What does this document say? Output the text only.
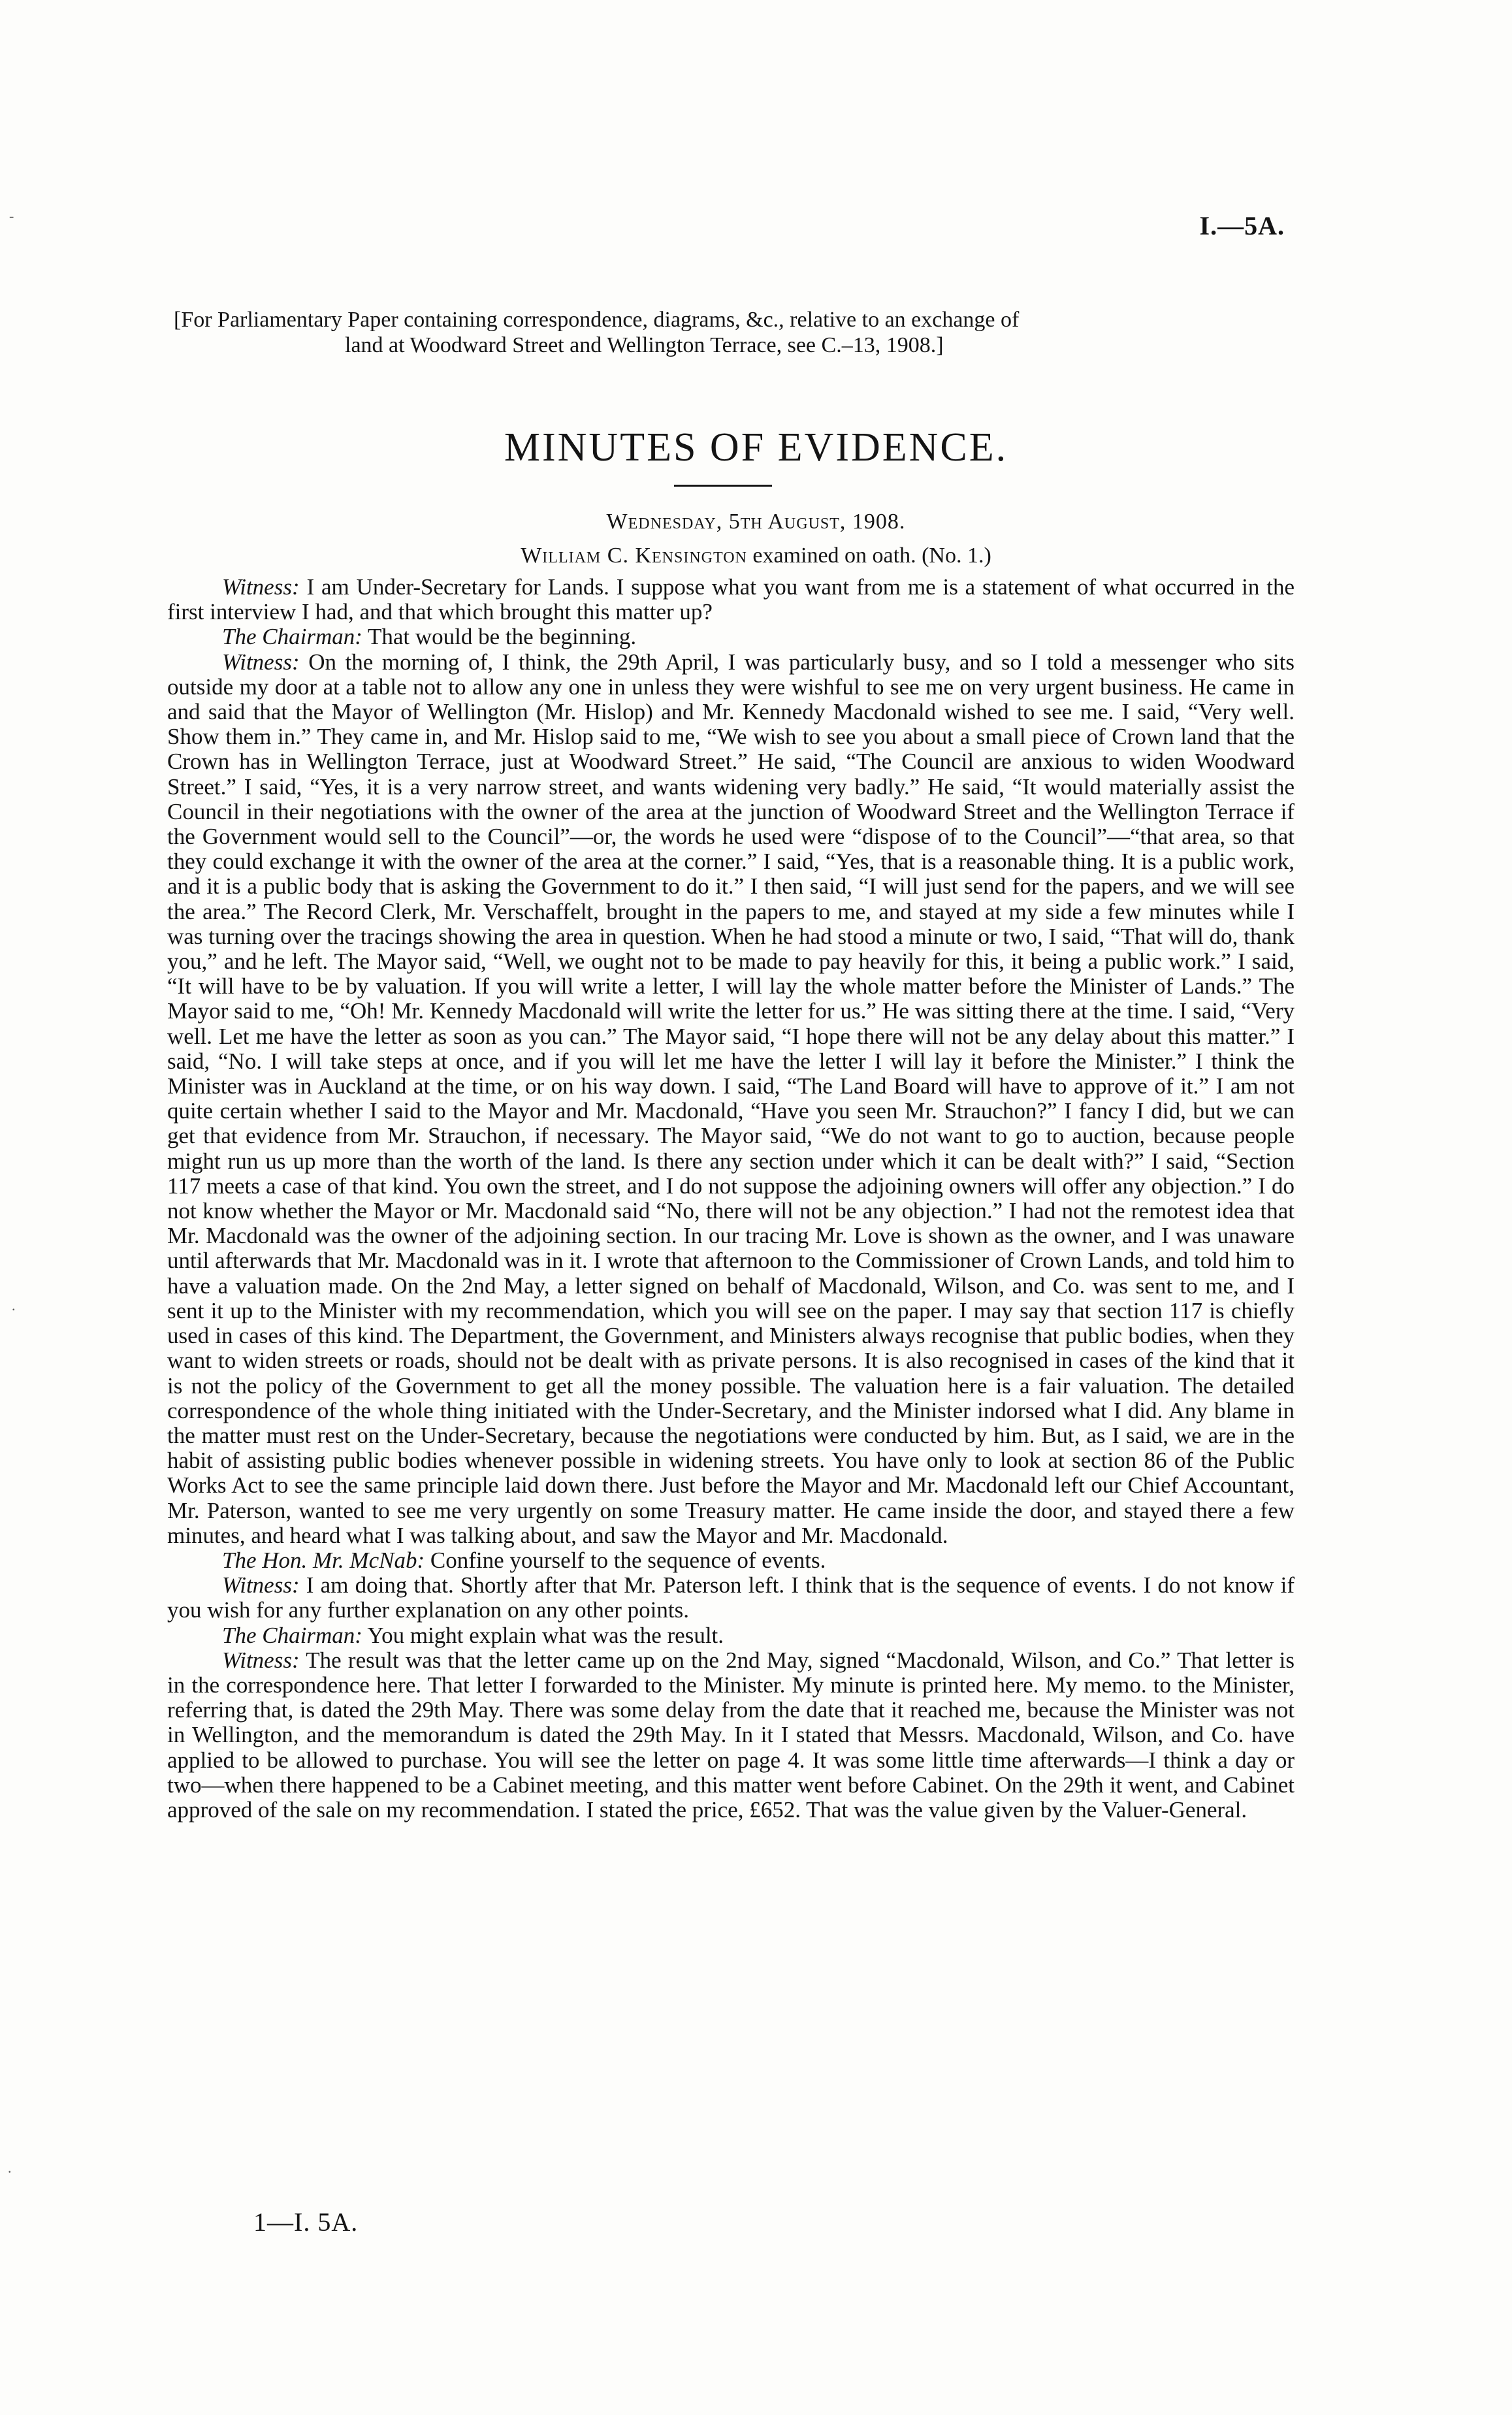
I.—5A.
[For Parliamentary Paper containing correspondence, diagrams, &c., relative to an exchange of
land at Woodward Street and Wellington Terrace, see C.–13, 1908.]
MINUTES OF EVIDENCE.
Wednesday, 5th August, 1908.
William C. Kensington examined on oath. (No. 1.)

Witness: I am Under-Secretary for Lands. I suppose what you want from me is a statement of what occurred in the first interview I had, and that which brought this matter up?

The Chairman: That would be the beginning.

Witness: On the morning of, I think, the 29th April, I was particularly busy, and so I told a messenger who sits outside my door at a table not to allow any one in unless they were wishful to see me on very urgent business. He came in and said that the Mayor of Wellington (Mr. Hislop) and Mr. Kennedy Macdonald wished to see me. I said, “Very well. Show them in.” They came in, and Mr. Hislop said to me, “We wish to see you about a small piece of Crown land that the Crown has in Wellington Terrace, just at Woodward Street.” He said, “The Council are anxious to widen Woodward Street.” I said, “Yes, it is a very narrow street, and wants widening very badly.” He said, “It would materially assist the Council in their negotiations with the owner of the area at the junction of Woodward Street and the Wellington Terrace if the Government would sell to the Council”—or, the words he used were “dispose of to the Council”—“that area, so that they could exchange it with the owner of the area at the corner.” I said, “Yes, that is a reasonable thing. It is a public work, and it is a public body that is asking the Government to do it.” I then said, “I will just send for the papers, and we will see the area.” The Record Clerk, Mr. Verschaffelt, brought in the papers to me, and stayed at my side a few minutes while I was turning over the tracings showing the area in question. When he had stood a minute or two, I said, “That will do, thank you,” and he left. The Mayor said, “Well, we ought not to be made to pay heavily for this, it being a public work.” I said, “It will have to be by valuation. If you will write a letter, I will lay the whole matter before the Minister of Lands.” The Mayor said to me, “Oh! Mr. Kennedy Macdonald will write the letter for us.” He was sitting there at the time. I said, “Very well. Let me have the letter as soon as you can.” The Mayor said, “I hope there will not be any delay about this matter.” I said, “No. I will take steps at once, and if you will let me have the letter I will lay it before the Minister.” I think the Minister was in Auckland at the time, or on his way down. I said, “The Land Board will have to approve of it.” I am not quite certain whether I said to the Mayor and Mr. Macdonald, “Have you seen Mr. Strauchon?” I fancy I did, but we can get that evidence from Mr. Strauchon, if necessary. The Mayor said, “We do not want to go to auction, because people might run us up more than the worth of the land. Is there any section under which it can be dealt with?” I said, “Section 117 meets a case of that kind. You own the street, and I do not suppose the adjoining owners will offer any objection.” I do not know whether the Mayor or Mr. Macdonald said “No, there will not be any objection.” I had not the remotest idea that Mr. Macdonald was the owner of the adjoining section. In our tracing Mr. Love is shown as the owner, and I was unaware until afterwards that Mr. Macdonald was in it. I wrote that afternoon to the Commissioner of Crown Lands, and told him to have a valuation made. On the 2nd May, a letter signed on behalf of Macdonald, Wilson, and Co. was sent to me, and I sent it up to the Minister with my recommendation, which you will see on the paper. I may say that section 117 is chiefly used in cases of this kind. The Department, the Government, and Ministers always recognise that public bodies, when they want to widen streets or roads, should not be dealt with as private persons. It is also recognised in cases of the kind that it is not the policy of the Government to get all the money possible. The valuation here is a fair valuation. The detailed correspondence of the whole thing initiated with the Under-Secretary, and the Minister indorsed what I did. Any blame in the matter must rest on the Under-Secretary, because the negotiations were conducted by him. But, as I said, we are in the habit of assisting public bodies whenever possible in widening streets. You have only to look at section 86 of the Public Works Act to see the same principle laid down there. Just before the Mayor and Mr. Macdonald left our Chief Accountant, Mr. Paterson, wanted to see me very urgently on some Treasury matter. He came inside the door, and stayed there a few minutes, and heard what I was talking about, and saw the Mayor and Mr. Macdonald.

The Hon. Mr. McNab: Confine yourself to the sequence of events.

Witness: I am doing that. Shortly after that Mr. Paterson left. I think that is the sequence of events. I do not know if you wish for any further explanation on any other points.

The Chairman: You might explain what was the result.

Witness: The result was that the letter came up on the 2nd May, signed “Macdonald, Wilson, and Co.” That letter is in the correspondence here. That letter I forwarded to the Minister. My minute is printed here. My memo. to the Minister, referring that, is dated the 29th May. There was some delay from the date that it reached me, because the Minister was not in Wellington, and the memorandum is dated the 29th May. In it I stated that Messrs. Macdonald, Wilson, and Co. have applied to be allowed to purchase. You will see the letter on page 4. It was some little time afterwards—I think a day or two—when there happened to be a Cabinet meeting, and this matter went before Cabinet. On the 29th it went, and Cabinet approved of the sale on my recommendation. I stated the price, £652. That was the value given by the Valuer-General.

1—I. 5A.
-
.
.
